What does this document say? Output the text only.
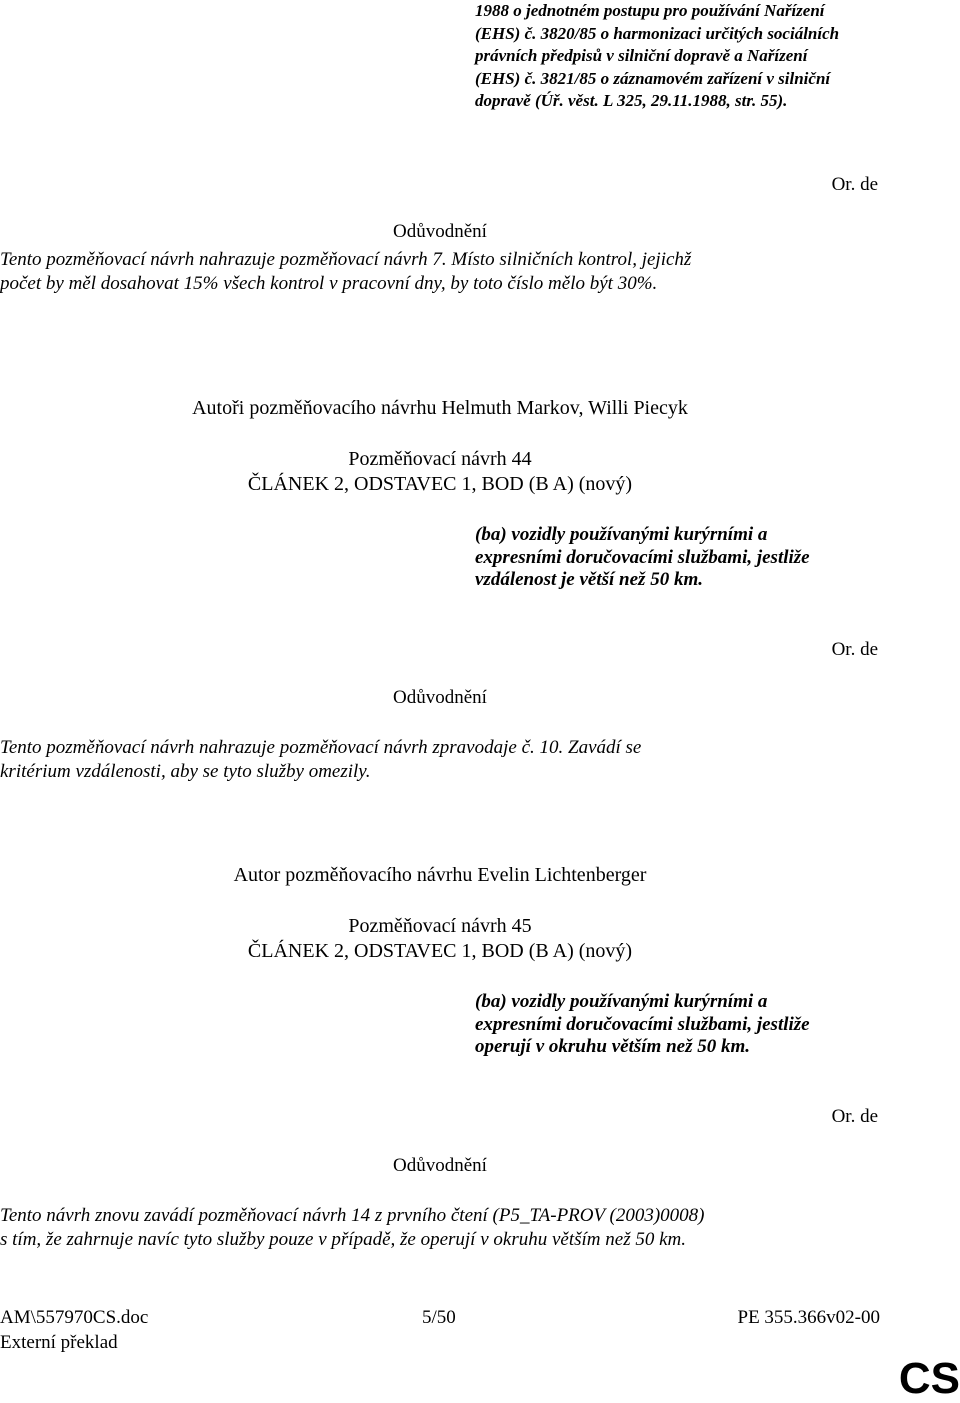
1988 o jednotném postupu pro používání Nařízení
(EHS) č. 3820/85 o harmonizaci určitých sociálních
právních předpisů v silniční dopravě a Nařízení
(EHS) č. 3821/85 o záznamovém zařízení v silniční
dopravě (Úř. věst. L 325, 29.11.1988, str. 55).
Or. de
Odůvodnění
Tento pozměňovací návrh nahrazuje pozměňovací návrh 7. Místo silničních kontrol, jejichž
počet by měl dosahovat 15% všech kontrol v pracovní dny, by toto číslo mělo být 30%.
Autoři pozměňovacího návrhu Helmuth Markov, Willi Piecyk
Pozměňovací návrh 44
ČLÁNEK 2, ODSTAVEC 1, BOD (B A) (nový)
(ba) vozidly používanými kurýrními a
expresními doručovacími službami, jestliže
vzdálenost je větší než 50 km.
Or. de
Odůvodnění
Tento pozměňovací návrh nahrazuje pozměňovací návrh zpravodaje č. 10. Zavádí se
kritérium vzdálenosti, aby se tyto služby omezily.
Autor pozměňovacího návrhu Evelin Lichtenberger
Pozměňovací návrh 45
ČLÁNEK 2, ODSTAVEC 1, BOD (B A) (nový)
(ba) vozidly používanými kurýrními a
expresními doručovacími službami, jestliže
operují v okruhu větším než 50 km.
Or. de
Odůvodnění
Tento návrh znovu zavádí pozměňovací návrh 14 z prvního čtení (P5_TA-PROV (2003)0008)
s tím, že zahrnuje navíc tyto služby pouze v případě, že operují v okruhu větším než 50 km.
AM\557970CS.doc	5/50	PE 355.366v02-00
Externí překlad
CS
